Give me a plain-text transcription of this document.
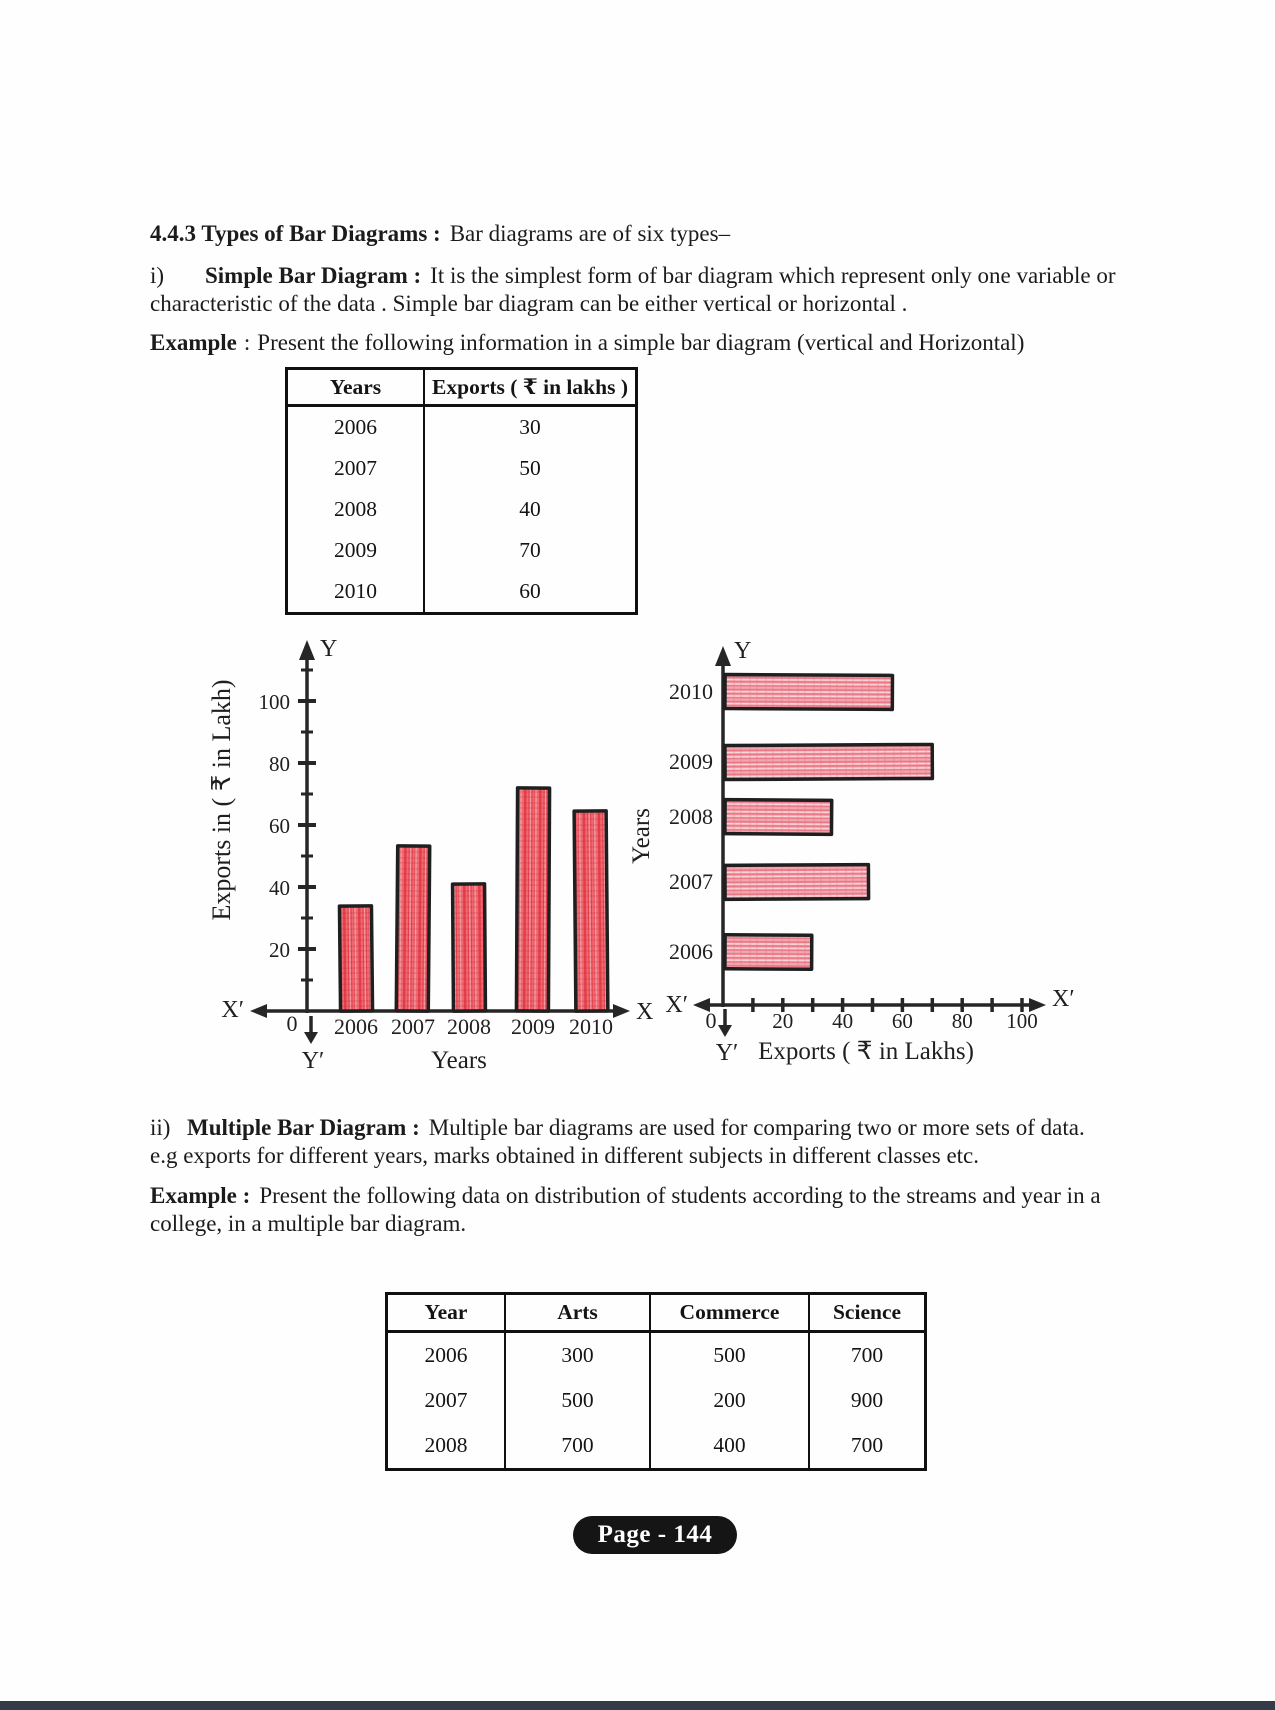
4.4.3 Types of Bar Diagrams : Bar diagrams are of six types–
i) Simple Bar Diagram : It is the simplest form of bar diagram which represent only one variable or
characteristic of the data . Simple bar diagram can be either vertical or horizontal .
Example : Present the following information in a simple bar diagram (vertical and Horizontal)
Years	Exports ( ₹ in lakhs )
2006	30
2007	50
2008	40
2009	70
2010	60
Y
X′	X
0
Y′
20
40
60
80
100
2006 2007 2008 2009 2010
Years
Exports in ( ₹ in Lakh)
Y
X′	X′
0
Y′
20 40 60 80 100
2010
2009
2008
2007
2006
Exports ( ₹ in Lakhs)
Years
ii) Multiple Bar Diagram : Multiple bar diagrams are used for comparing two or more sets of data.
e.g exports for different years, marks obtained in different subjects in different classes etc.
Example : Present the following data on distribution of students according to the streams and year in a
college, in a multiple bar diagram.
Year	Arts	Commerce	Science
2006	300	500	700
2007	500	200	900
2008	700	400	700
Page - 144
